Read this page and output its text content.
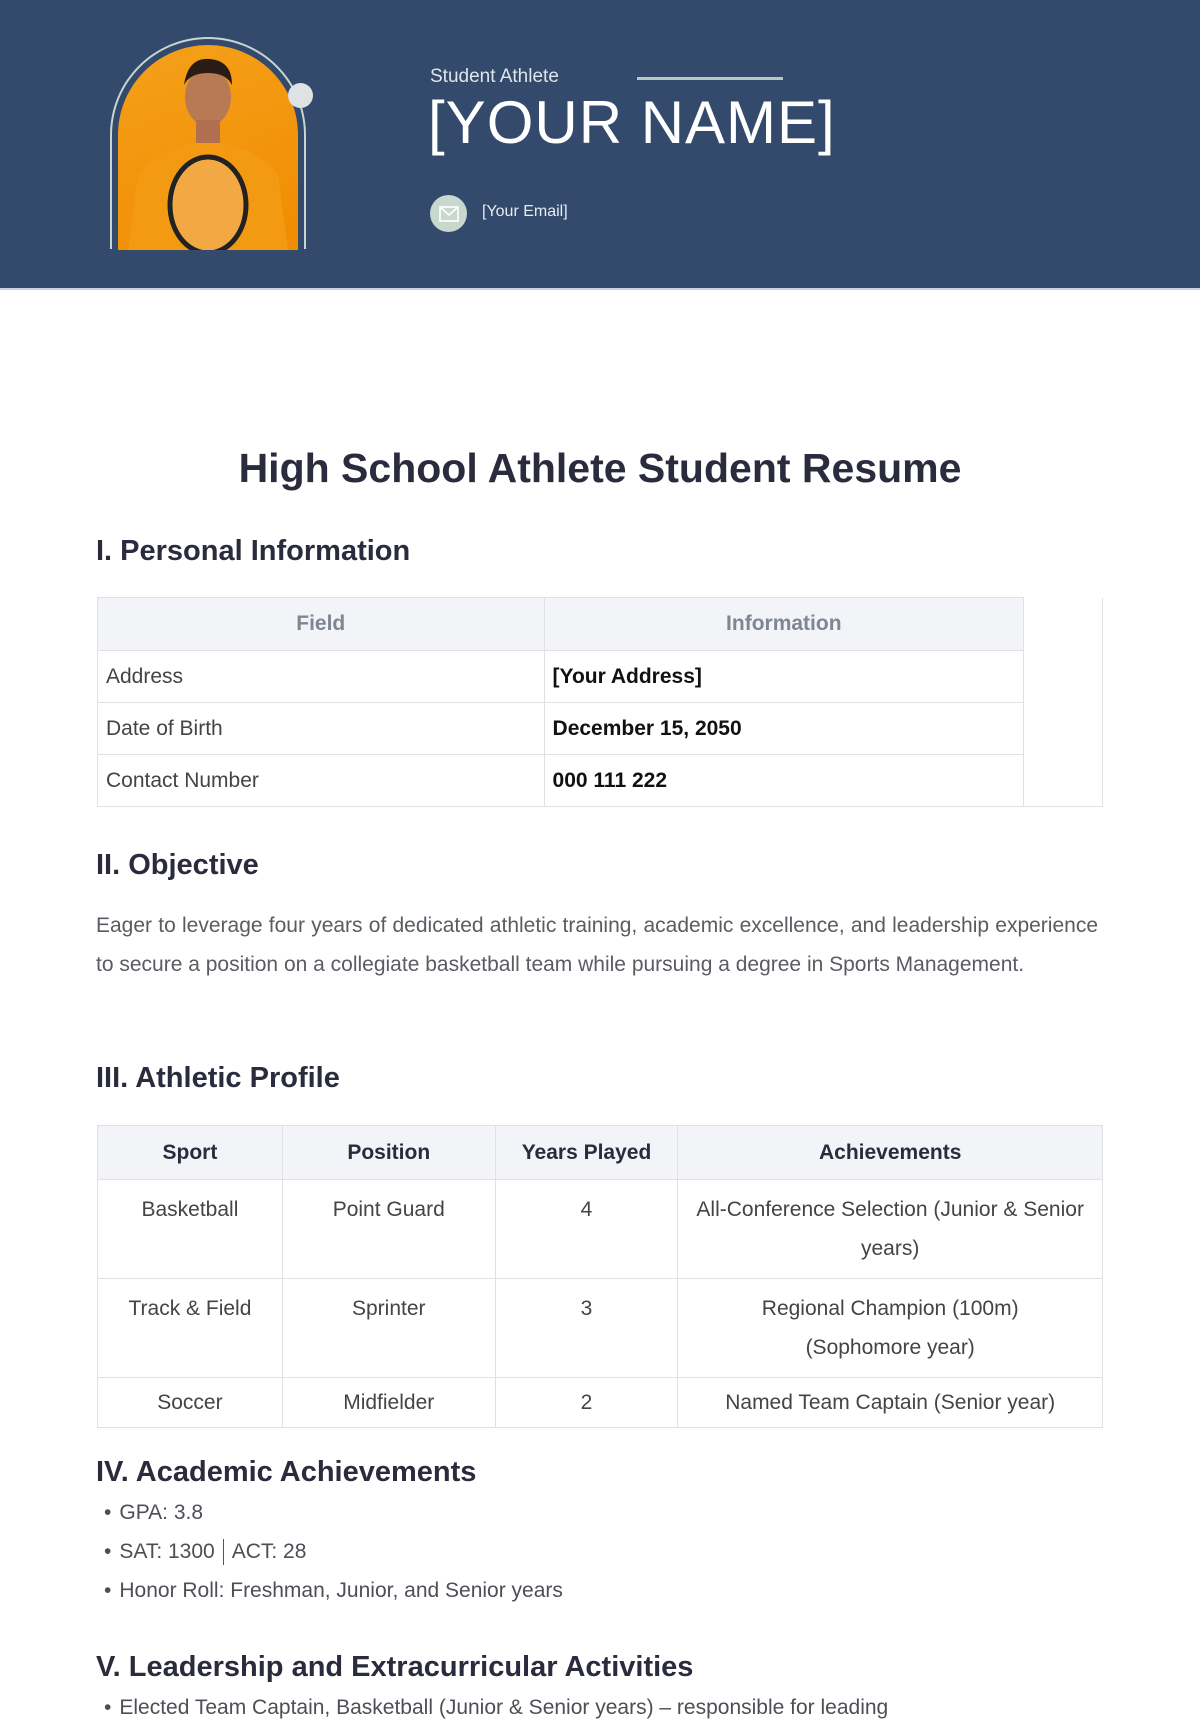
Student Athlete
[YOUR NAME]
[Your Email]
High School Athlete Student Resume
I. Personal Information
Field	Information	
Address	[Your Address]	
Date of Birth	December 15, 2050	
Contact Number	000 111 222	
II. Objective

Eager to leverage four years of dedicated athletic training, academic excellence, and leadership experience to secure a position on a collegiate basketball team while pursuing a degree in Sports Management.

III. Athletic Profile
Sport	Position	Years Played	Achievements
Basketball	Point Guard	4	All-Conference Selection (Junior & Senior years)
Track & Field	Sprinter	3	Regional Champion (100m) (Sophomore year)
Soccer	Midfielder	2	Named Team Captain (Senior year)
IV. Academic Achievements
• GPA: 3.8
• SAT: 1300 ACT: 28
• Honor Roll: Freshman, Junior, and Senior years
V. Leadership and Extracurricular Activities
• Elected Team Captain, Basketball (Junior & Senior years) – responsible for leading
